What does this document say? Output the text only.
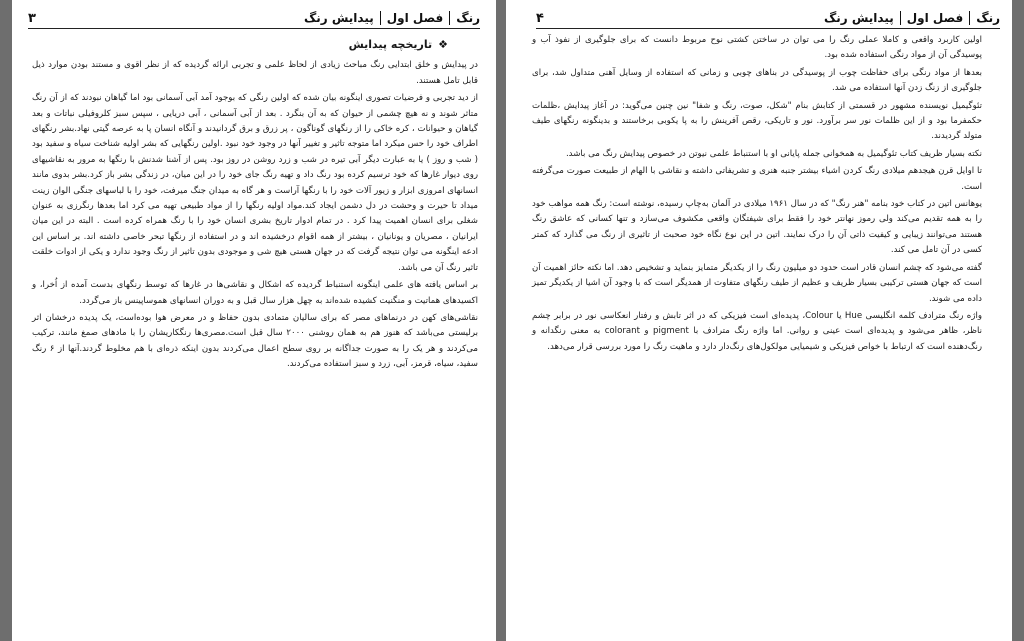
رنگ
فصل اول
پیدایش رنگ
۳
❖
تاریخچه پیدایش

در پیدایش و خلق ابتدایی رنگ مباحث زیادی از لحاظ علمی و تجربی ارائه گردیده که از نظر اقوی و مستند بودن موارد ذیل قابل تامل هستند.

از دید تجربی و فرضیات تصوری اینگونه بیان شده که اولین رنگی که بوجود آمد آبی آسمانی بود اما گیاهان نبودند که از آن رنگ متاثر شوند و نه هیچ چشمی از حیوان که به آن بنگرد . بعد از آبی آسمانی ، آبی دریایی ، سپس سبز کلروفیلی نباتات و بعد گیاهان و حیوانات ، کره خاکی را از رنگهای گوناگون ، پر زرق و برق گردانیدند و آنگاه انسان پا به عرصه گیتی نهاد.بشر رنگهای اطراف خود را حس میکرد اما متوجه تاثیر و تغییر آنها در وجود خود نبود .اولین رنگهایی که بشر اولیه شناخت سیاه و سفید بود ( شب و روز ) یا به عبارت دیگر آبی تیره در شب و زرد روشن در روز بود. پس از آشنا شدنش با رنگها به مرور به نقاشیهای روی دیوار غارها که خود ترسیم کرده بود رنگ داد و تهیه رنگ جای خود را در این میان، در زندگی بشر باز کرد.بشر بدوی مانند انسانهای امروزی ابزار و زیور آلات خود را با رنگها آراست و هر گاه به میدان جنگ میرفت، خود را با لباسهای جنگی الوان زینت میداد تا حیرت و وحشت در دل دشمن ایجاد کند.مواد اولیه رنگها را از مواد طبیعی تهیه می کرد اما بعدها رنگرزی به عنوان شغلی برای انسان اهمیت پیدا کرد . در تمام ادوار تاریخ بشری انسان خود را با رنگ همراه کرده است . البته در این میان ایرانیان ، مصریان و یونانیان ، بیشتر از همه اقوام درخشیده اند و در استفاده از رنگها تبحر خاصی داشته اند. بر اساس این ادعه اینگونه می توان نتیجه گرفت که در جهان هستی هیچ شی و موجودی بدون تاثیر از رنگ وجود ندارد و یکی از ادوات خلقت تاثیر رنگ آن می باشد.

بر اساس یافته های علمی اینگونه استنباط گردیده که اشکال و نقاشی‌ها در غارها که توسط رنگهای بدست آمده از اُخرا، و اکسیدهای هماتیت و منگنیت کشیده شده‌اند به چهل هزار سال قبل و به دوران انسانهای هموساپینس باز می‌گردد.

نقاشی‌های کهن در درنماهای مصر که برای سالیان متمادی بدون حفاظ و در معرض هوا بوده‌است، یک پدیده درخشان اثر برلیستی می‌باشد که هنوز هم به همان روشنی ۲۰۰۰ سال قبل است.مصری‌ها رنگکاریشان را با مادهای صمغ مانند، ترکیب می‌کردند و هر یک را به صورت جداگانه بر روی سطح اعمال می‌کردند بدون اینکه ذره‌ای با هم مخلوط گردند.آنها از ۶ رنگ سفید، سیاه، قرمز، آبی، زرد و سبز استفاده می‌کردند.

رنگ
فصل اول
پیدایش رنگ
۴

اولین کاربرد واقعی و کاملا عملی رنگ را می توان در ساختن کشتی نوح مربوط دانست که برای جلوگیری از نفوذ آب و پوسیدگی آن از مواد رنگی استفاده شده بود.

بعدها از مواد رنگی برای حفاظت چوب از پوسیدگی در بناهای چوبی و زمانی که استفاده از وسایل آهنی متداول شد، برای جلوگیری از زنگ زدن آنها استفاده می شد.

تئوگیمیل نویسنده مشهور در قسمتی از کتابش بنام "شکل، صوت، رنگ و شفا" نین چنین می‌گوید: در آغاز پیدایش ،ظلمات حکمفرما بود و از این ظلمات نور سر برآورد. نور و تاریکی، رقص آفرینش را به پا یکوبی برخاستند و بدینگونه رنگهای طیف متولد گردیدند.

نکته بسیار ظریف کتاب تئوگیمیل به همخوانی جمله پایانی او با استنباط علمی نیوتن در خصوص پیدایش رنگ می باشد.

تا اوایل قرن هیجدهم میلادی رنگ کردن اشیاء بیشتر جنبه هنری و تشریفاتی داشته و نقاشی با الهام از طبیعت صورت می‌گرفته است.

یوهانس اتین در کتاب خود بنامه "هنر رنگ" که در سال ۱۹۶۱ میلادی در آلمان به‌چاپ رسیده، نوشته است: رنگ همه مواهب خود را به همه تقدیم می‌کند ولی رموز نهانتر خود را فقط برای شیفتگان واقعی مکشوف می‌سازد و تنها کسانی که عاشق رنگ هستند می‌توانند زیبایی و کیفیت ذاتی آن را درک نمایند. اتین در این نوع نگاه خود صحبت از تاثیری از رنگ می گذارد که کمتر کسی در آن تامل می کند.

گفته می‌شود که چشم انسان قادر است حدود دو میلیون رنگ را از یکدیگر متمایز بنماید و تشخیص دهد. اما نکته حائز اهمیت آن است که جهان هستی ترکیبی بسیار ظریف و عظیم از طیف رنگهای متفاوت از همدیگر است که با وجود آن اشیا از یکدیگر تمیز داده می شوند.

واژه رنگ مترادف کلمه انگلیسی Hue یا Colour، پدیده‌ای است فیزیکی که در اثر تابش و رفتار انعکاسی نور در برابر چشم ناظر، ظاهر می‌شود و پدیده‌ای است عینی و روانی. اما واژه رنگ مترادف با pigment و colorant به معنی رنگدانه و رنگ‌دهنده است که ارتباط با خواص فیزیکی و شیمیایی مولکول‌های رنگ‌دار دارد و ماهیت رنگ را مورد بررسی قرار می‌دهد.
